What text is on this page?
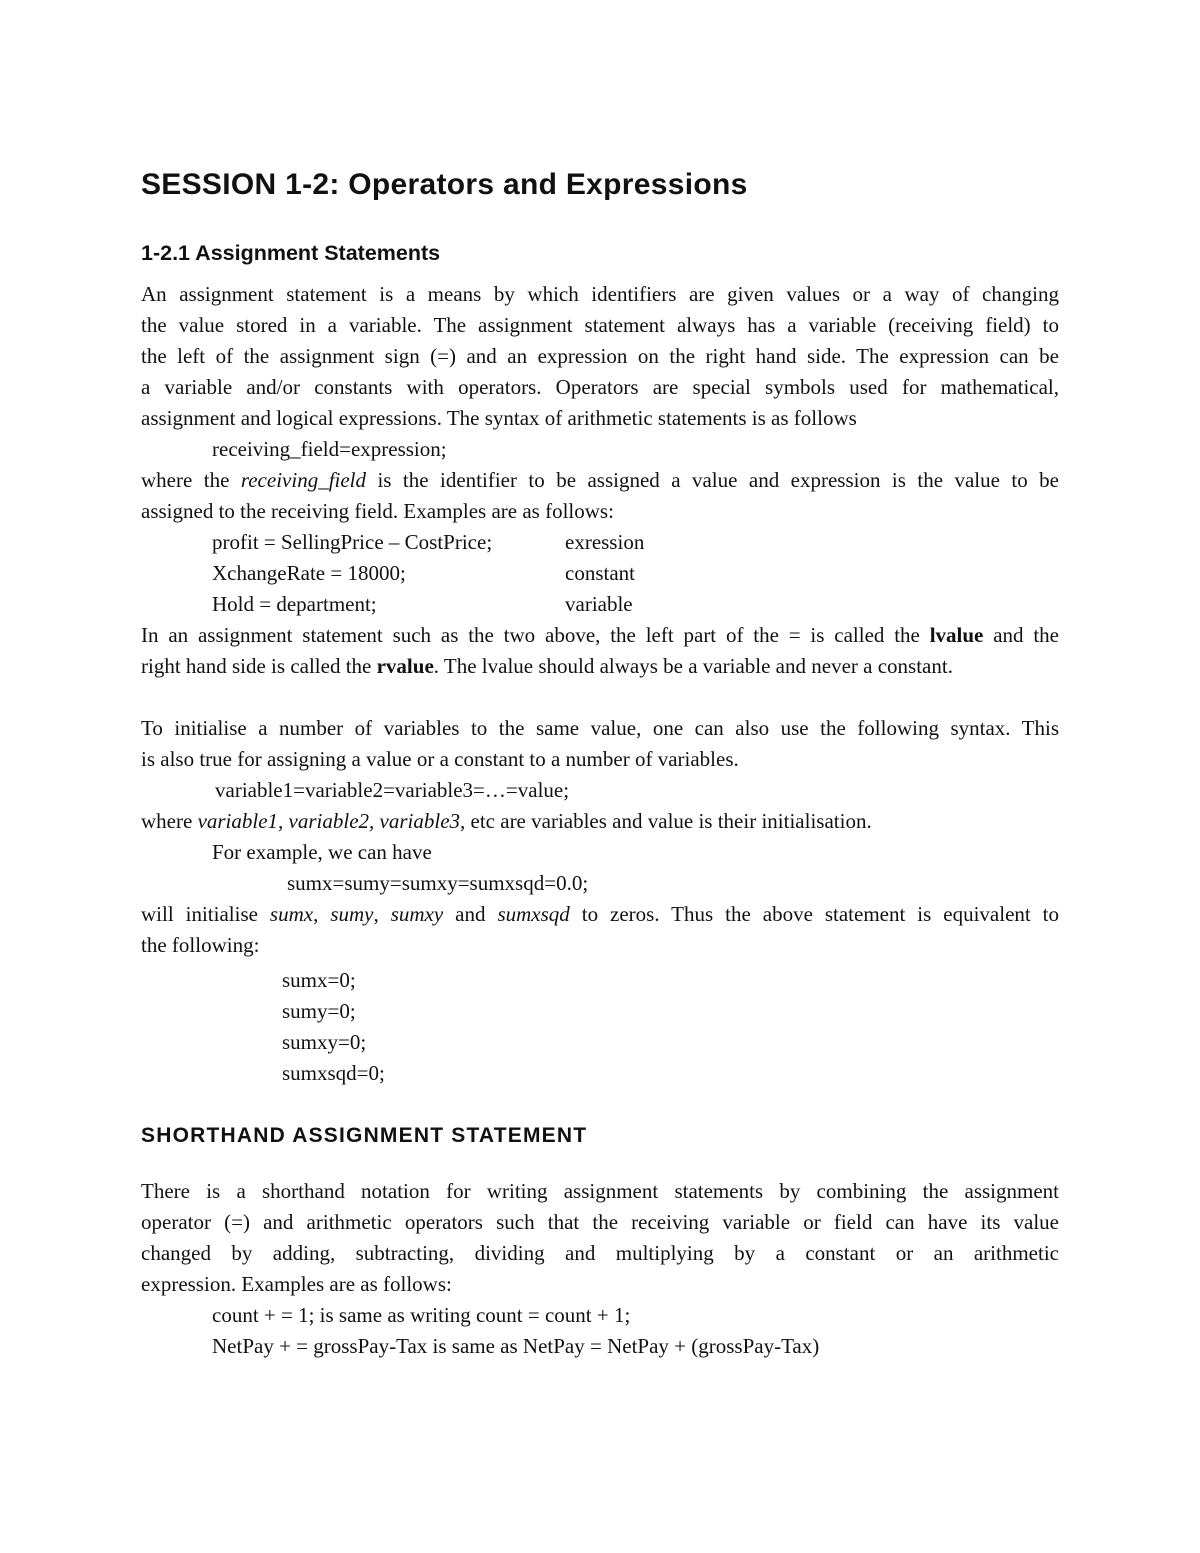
SESSION 1-2: Operators and Expressions
1-2.1 Assignment Statements
An assignment statement is a means by which identifiers are given values or a way of changing
the value stored in a variable. The assignment statement always has a variable (receiving field) to
the left of the assignment sign (=) and an expression on the right hand side. The expression can be
a variable and/or constants with operators. Operators are special symbols used for mathematical,
assignment and logical expressions. The syntax of arithmetic statements is as follows
receiving_field=expression;
where the receiving_field is the identifier to be assigned a value and expression is the value to be
assigned to the receiving field. Examples are as follows:
profit = SellingPrice – CostPrice;	exression
XchangeRate = 18000;	constant
Hold = department;	variable
In an assignment statement such as the two above, the left part of the = is called the lvalue and the
right hand side is called the rvalue. The lvalue should always be a variable and never a constant.
To initialise a number of variables to the same value, one can also use the following syntax. This
is also true for assigning a value or a constant to a number of variables.
variable1=variable2=variable3=…=value;
where variable1, variable2, variable3, etc are variables and value is their initialisation.
For example, we can have
sumx=sumy=sumxy=sumxsqd=0.0;
will initialise sumx, sumy, sumxy and sumxsqd to zeros. Thus the above statement is equivalent to
the following:
sumx=0;
sumy=0;
sumxy=0;
sumxsqd=0;
SHORTHAND ASSIGNMENT STATEMENT
There is a shorthand notation for writing assignment statements by combining the assignment
operator (=) and arithmetic operators such that the receiving variable or field can have its value
changed by adding, subtracting, dividing and multiplying by a constant or an arithmetic
expression. Examples are as follows:
count + = 1; is same as writing count = count + 1;
NetPay + = grossPay-Tax is same as NetPay = NetPay + (grossPay-Tax)
